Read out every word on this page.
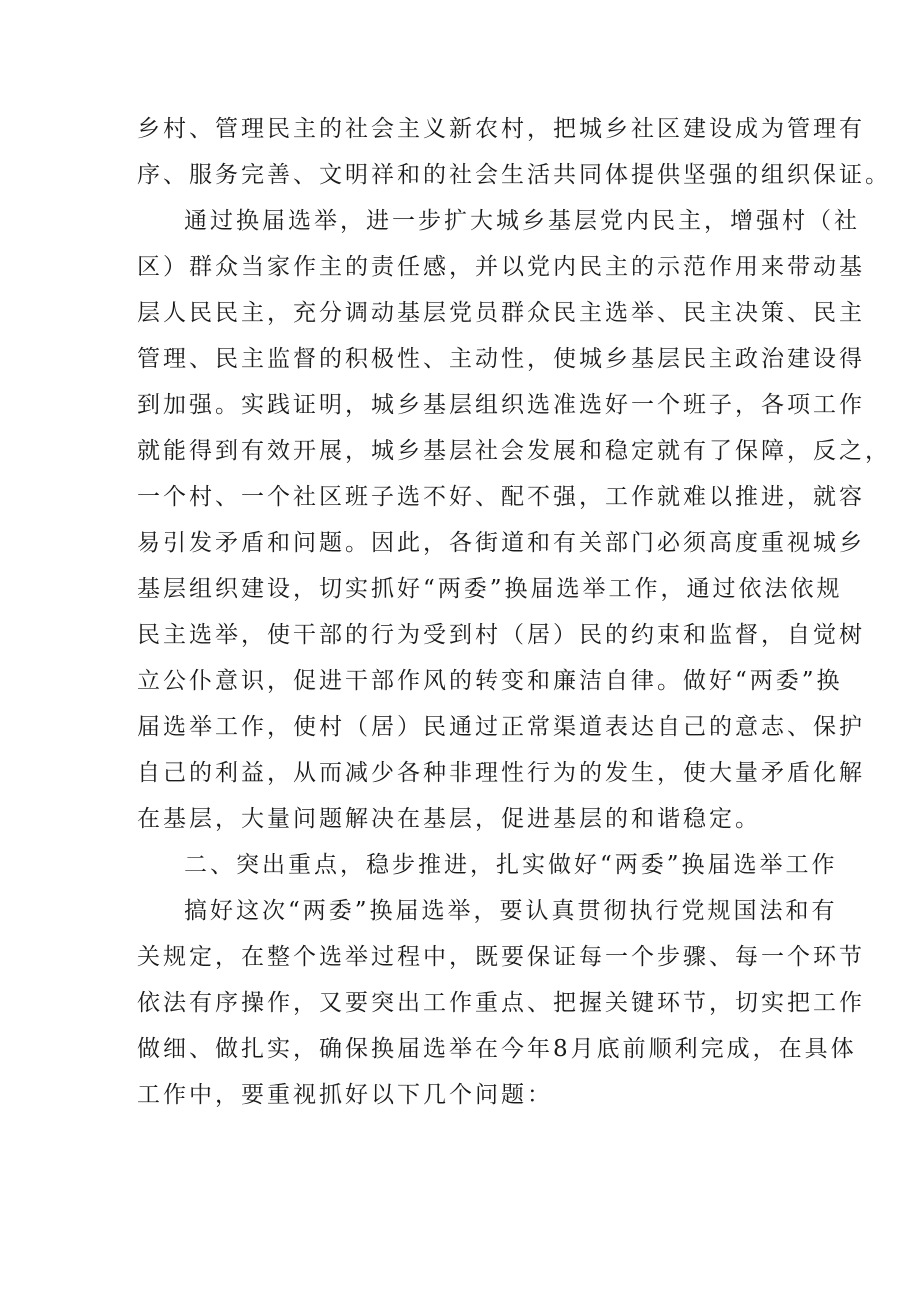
乡村、管理民主的社会主义新农村，把城乡社区建设成为管理有
序、服务完善、文明祥和的社会生活共同体提供坚强的组织保证。
通过换届选举，进一步扩大城乡基层党内民主，增强村（社
区）群众当家作主的责任感，并以党内民主的示范作用来带动基
层人民民主，充分调动基层党员群众民主选举、民主决策、民主
管理、民主监督的积极性、主动性，使城乡基层民主政治建设得
到加强。实践证明，城乡基层组织选准选好一个班子，各项工作
就能得到有效开展，城乡基层社会发展和稳定就有了保障，反之，
一个村、一个社区班子选不好、配不强，工作就难以推进，就容
易引发矛盾和问题。因此，各街道和有关部门必须高度重视城乡
基层组织建设，切实抓好“两委”换届选举工作，通过依法依规
民主选举，使干部的行为受到村（居）民的约束和监督，自觉树
立公仆意识，促进干部作风的转变和廉洁自律。做好“两委”换
届选举工作，使村（居）民通过正常渠道表达自己的意志、保护
自己的利益，从而减少各种非理性行为的发生，使大量矛盾化解
在基层，大量问题解决在基层，促进基层的和谐稳定。
二、突出重点，稳步推进，扎实做好“两委”换届选举工作
搞好这次“两委”换届选举，要认真贯彻执行党规国法和有
关规定，在整个选举过程中，既要保证每一个步骤、每一个环节
依法有序操作，又要突出工作重点、把握关键环节，切实把工作
做细、做扎实，确保换届选举在今年8月底前顺利完成，在具体
工作中，要重视抓好以下几个问题：
